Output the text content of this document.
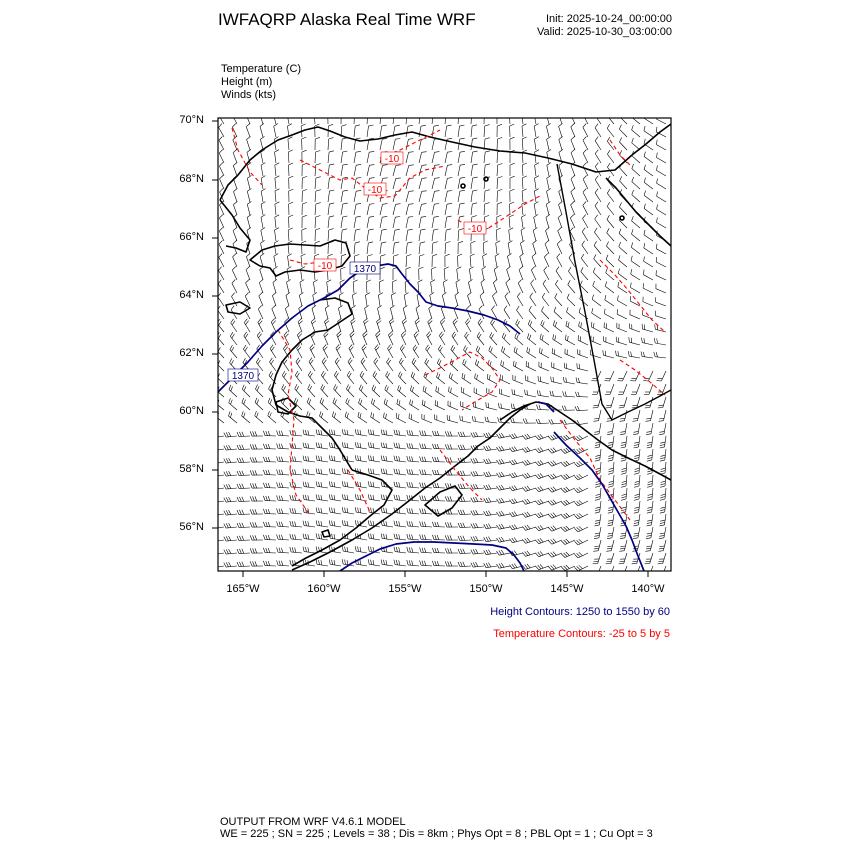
IWFAQRP Alaska Real Time WRF	Init: 2025-10-24_00:00:00
Valid: 2025-10-30_03:00:00
Temperature (C)
Height (m)
Winds (kts)
-10
-10
-10
-10 1370
1370
70°N
68°N
66°N
64°N
62°N
60°N
58°N
56°N
165°W	160°W	155°W	150°W	145°W	140°W
Height Contours: 1250 to 1550 by 60
Temperature Contours: -25 to 5 by 5
OUTPUT FROM WRF V4.6.1 MODEL
WE = 225 ; SN = 225 ; Levels = 38 ; Dis = 8km ; Phys Opt = 8 ; PBL Opt = 1 ; Cu Opt = 3
